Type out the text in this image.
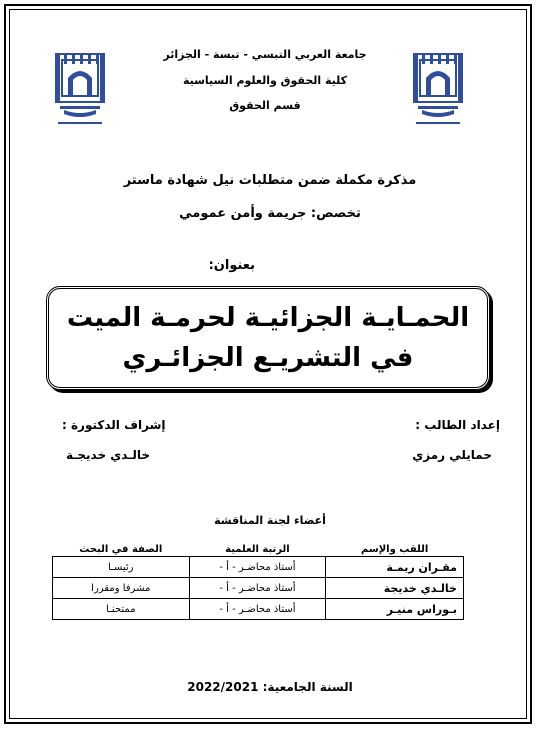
جامعة العربي التبسي - تبسة - الجزائر
كلية الحقوق والعلوم السياسية
قسم الحقوق
مذكرة مكملة ضمن متطلبات نيل شهادة ماستر
تخصص: جريمة وأمن عمومي
بعنوان:
الحمـايـة الجزائيـة لحرمـة الميت
في التشريـع الجزائـري
إعداد الطالب :
حمايلي رمزي
إشراف الدكتورة :
خالـدي خديجـة
أعضاء لجنة المناقشة
اللقب والإسم	الرتبة العلمية	الصفة في البحث
مقـران ريمـة	أستاذ محاضـر - أ -	رئيسـا
خالـدي خديجة	أستاذ محاضـر - أ -	مشرفا ومقررا
بـوراس منيـر	أستاذ محاضـر - أ -	ممتحنـا
السنة الجامعية: 2022/2021
